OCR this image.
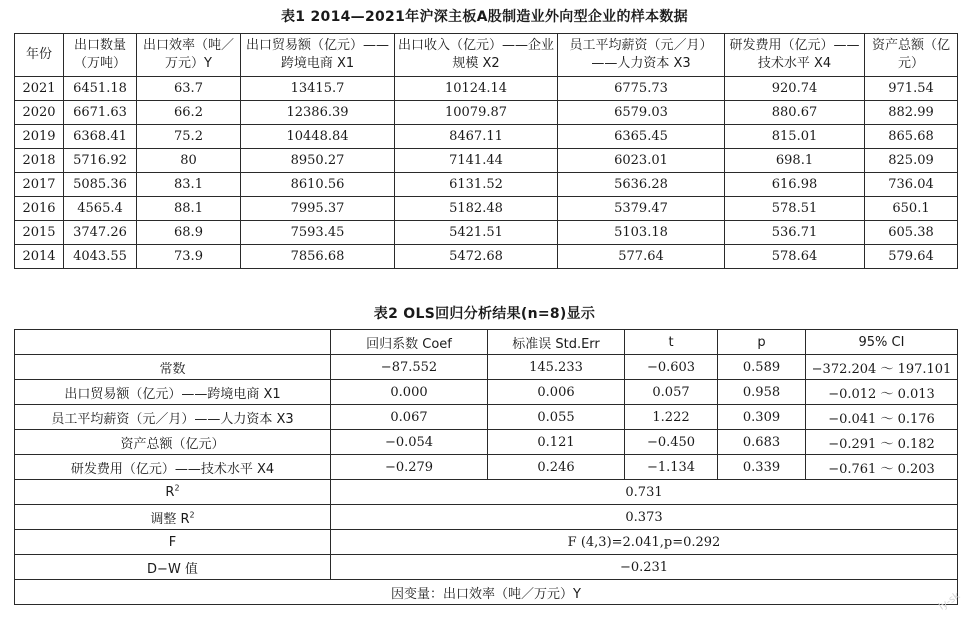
表1 2014—2021年沪深主板A股制造业外向型企业的样本数据
年份	出口数量（万吨）	出口效率（吨／万元）Y	出口贸易额（亿元）—— 跨境电商 X1	出口收入（亿元）——企业规模 X2	员工平均薪资（元／月）——人力资本 X3	研发费用（亿元）——技术水平 X4	资产总额（亿元）
2021	6451.18	63.7	13415.7	10124.14	6775.73	920.74	971.54
2020	6671.63	66.2	12386.39	10079.87	6579.03	880.67	882.99
2019	6368.41	75.2	10448.84	8467.11	6365.45	815.01	865.68
2018	5716.92	80	8950.27	7141.44	6023.01	698.1	825.09
2017	5085.36	83.1	8610.56	6131.52	5636.28	616.98	736.04
2016	4565.4	88.1	7995.37	5182.48	5379.47	578.51	650.1
2015	3747.26	68.9	7593.45	5421.51	5103.18	536.71	605.38
2014	4043.55	73.9	7856.68	5472.68	577.64	578.64	579.64
表2 OLS回归分析结果(n=8)显示
	回归系数 Coef	标准误 Std.Err	t	p	95% CI
常数	−87.552	145.233	−0.603	0.589	−372.204 ～ 197.101
出口贸易额（亿元）——跨境电商 X1	0.000	0.006	0.057	0.958	−0.012 ～ 0.013
员工平均薪资（元／月）——人力资本 X3	0.067	0.055	1.222	0.309	−0.041 ～ 0.176
资产总额（亿元）	−0.054	0.121	−0.450	0.683	−0.291 ～ 0.182
研发费用（亿元）——技术水平 X4	−0.279	0.246	−1.134	0.339	−0.761 ～ 0.203
$R^2$	0.731				
调整 $R^2$	0.373				
F	F (4,3)=2.041,p=0.292				
D−W 值	−0.231				
因变量：出口效率（吨／万元）Y						ly-sk
